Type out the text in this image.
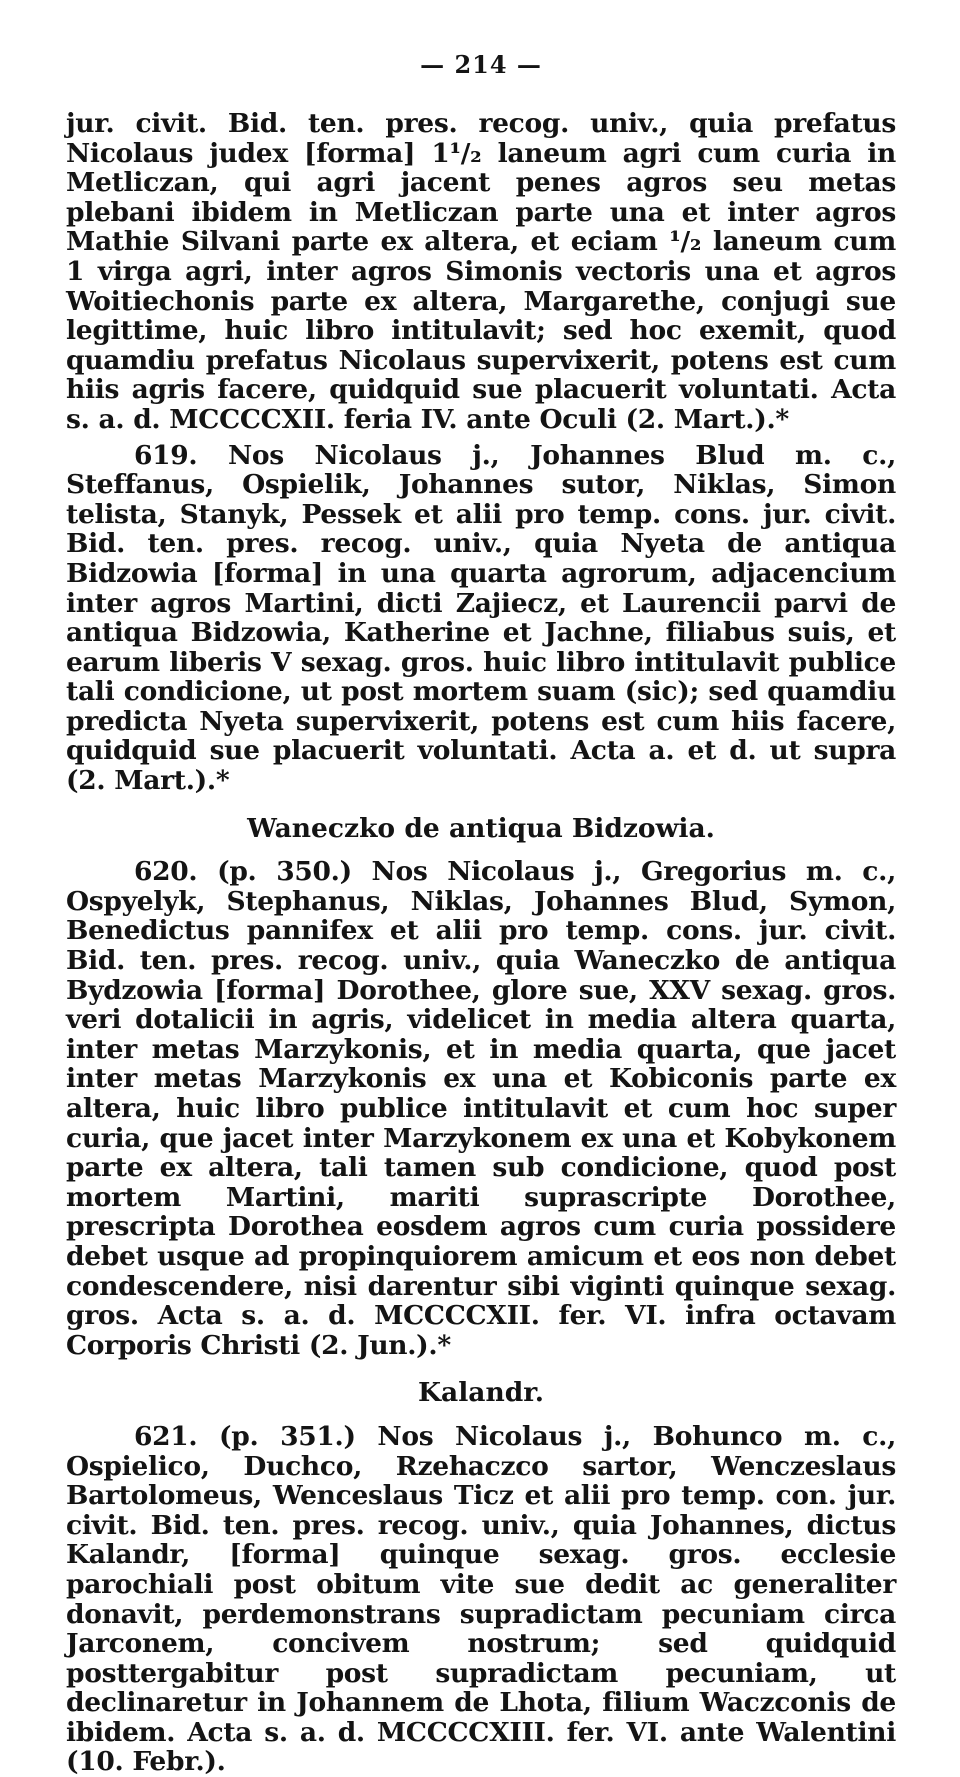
— 214 —

jur. civit. Bid. ten. pres. recog. univ., quia prefatus Nicolaus judex [forma] 1¹/₂ laneum agri cum curia in Metliczan, qui agri jacent penes agros seu metas plebani ibidem in Metliczan parte una et inter agros Mathie Silvani parte ex altera, et eciam ¹/₂ laneum cum 1 virga agri, inter agros Simonis vectoris una et agros Woitiechonis parte ex altera, Margarethe, conjugi sue legittime, huic libro intitulavit; sed hoc exemit, quod quamdiu prefatus Nicolaus supervixerit, potens est cum hiis agris facere, quidquid sue placuerit voluntati. Acta s. a. d. MCCCCXII. feria IV. ante Oculi (2. Mart.).*

619. Nos Nicolaus j., Johannes Blud m. c., Steffanus, Ospielik, Johannes sutor, Niklas, Simon telista, Stanyk, Pessek et alii pro temp. cons. jur. civit. Bid. ten. pres. recog. univ., quia Nyeta de antiqua Bidzowia [forma] in una quarta agrorum, adjacencium inter agros Martini, dicti Zajiecz, et Laurencii parvi de antiqua Bidzowia, Katherine et Jachne, filiabus suis, et earum liberis V sexag. gros. huic libro intitulavit publice tali condicione, ut post mortem suam (sic); sed quamdiu predicta Nyeta supervixerit, potens est cum hiis facere, quidquid sue placuerit voluntati. Acta a. et d. ut supra (2. Mart.).*

Waneczko de antiqua Bidzowia.

620. (p. 350.) Nos Nicolaus j., Gregorius m. c., Ospyelyk, Stephanus, Niklas, Johannes Blud, Symon, Benedictus pannifex et alii pro temp. cons. jur. civit. Bid. ten. pres. recog. univ., quia Waneczko de antiqua Bydzowia [forma] Dorothee, glore sue, XXV sexag. gros. veri dotalicii in agris, videlicet in media altera quarta, inter metas Marzykonis, et in media quarta, que jacet inter metas Marzykonis ex una et Kobiconis parte ex altera, huic libro publice intitulavit et cum hoc super curia, que jacet inter Marzykonem ex una et Kobykonem parte ex altera, tali tamen sub condicione, quod post mortem Martini, mariti suprascripte Dorothee, prescripta Dorothea eosdem agros cum curia possidere debet usque ad propinquiorem amicum et eos non debet condescendere, nisi darentur sibi viginti quinque sexag. gros. Acta s. a. d. MCCCCXII. fer. VI. infra octavam Corporis Christi (2. Jun.).*

Kalandr.

621. (p. 351.) Nos Nicolaus j., Bohunco m. c., Ospielico, Duchco, Rzehaczco sartor, Wenczeslaus Bartolomeus, Wenceslaus Ticz et alii pro temp. con. jur. civit. Bid. ten. pres. recog. univ., quia Johannes, dictus Kalandr, [forma] quinque sexag. gros. ecclesie parochiali post obitum vite sue dedit ac generaliter donavit, perdemonstrans supradictam pecuniam circa Jarconem, concivem nostrum; sed quidquid posttergabitur post supradictam pecuniam, ut declinaretur in Johannem de Lhota, filium Waczconis de ibidem. Acta s. a. d. MCCCCXIII. fer. VI. ante Walentini (10. Febr.).
